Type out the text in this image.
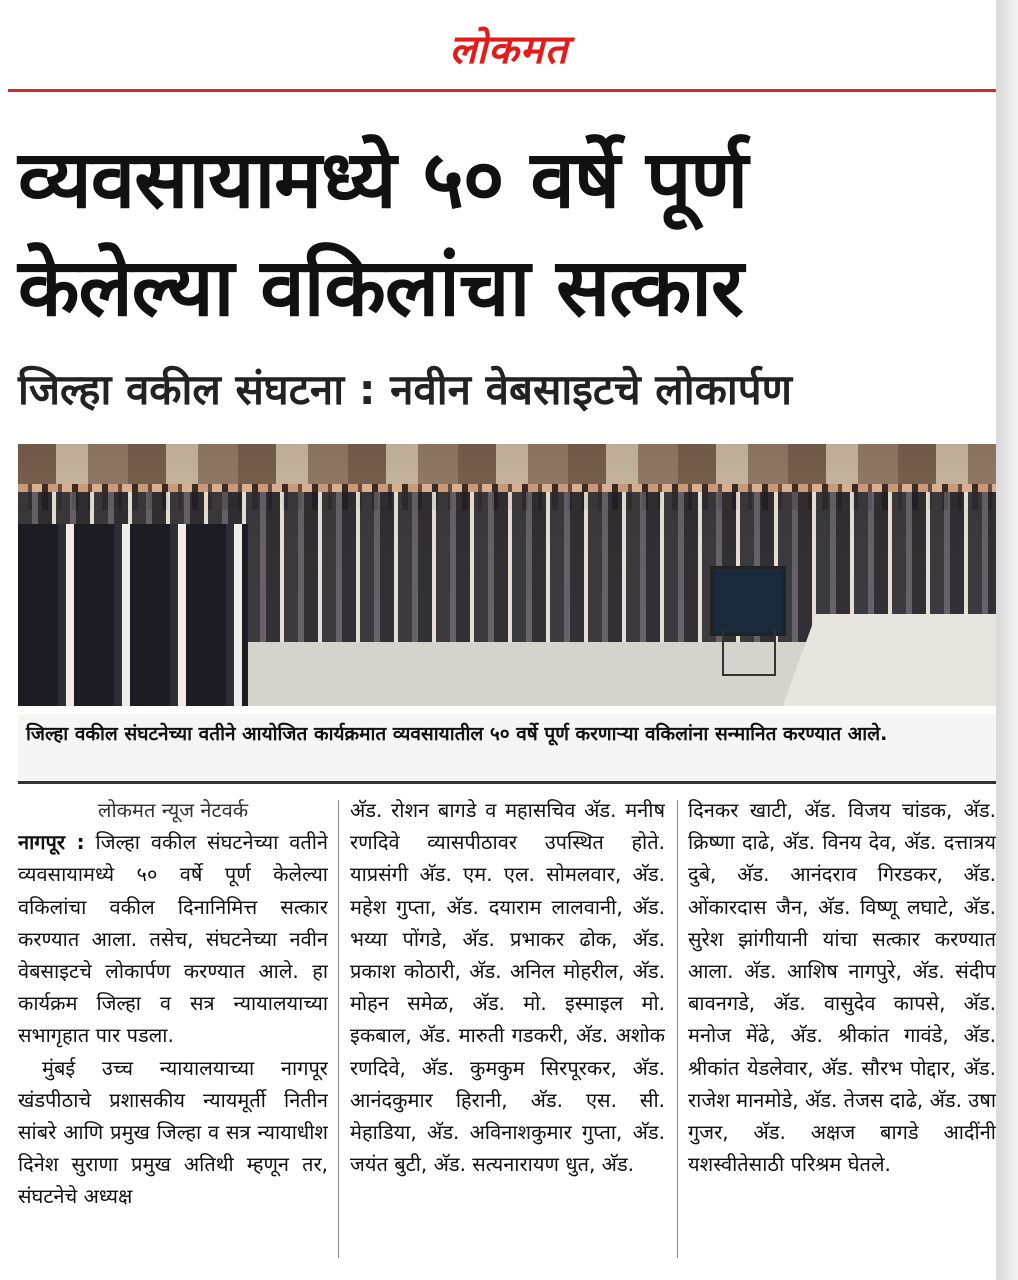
लोकमत
व्यवसायामध्ये ५० वर्षे पूर्ण
केलेल्या वकिलांचा सत्कार
जिल्हा वकील संघटना : नवीन वेबसाइटचे लोकार्पण

जिल्हा वकील संघटनेच्या वतीने आयोजित कार्यक्रमात व्यवसायातील ५० वर्षे पूर्ण करणाऱ्या वकिलांना सन्मानित करण्यात आले.

लोकमत न्यूज नेटवर्क
नागपूर : जिल्हा वकील संघटनेच्या वतीने व्यवसायामध्ये ५० वर्षे पूर्ण केलेल्या वकिलांचा वकील दिनानिमित्त सत्कार करण्यात आला. तसेच, संघटनेच्या नवीन वेबसाइटचे लोकार्पण करण्यात आले. हा कार्यक्रम जिल्हा व सत्र न्यायालयाच्या सभागृहात पार पडला.
मुंबई उच्च न्यायालयाच्या नागपूर खंडपीठाचे प्रशासकीय न्यायमूर्ती नितीन सांबरे आणि प्रमुख जिल्हा व सत्र न्यायाधीश दिनेश सुराणा प्रमुख अतिथी म्हणून तर, संघटनेचे अध्यक्ष
अ‍ॅड. रोशन बागडे व महासचिव अ‍ॅड. मनीष रणदिवे व्यासपीठावर उपस्थित होते. याप्रसंगी अ‍ॅड. एम. एल. सोमलवार, अ‍ॅड. महेश गुप्ता, अ‍ॅड. दयाराम लालवानी, अ‍ॅड. भय्या पोंगडे, अ‍ॅड. प्रभाकर ढोक, अ‍ॅड. प्रकाश कोठारी, अ‍ॅड. अनिल मोहरील, अ‍ॅड. मोहन समेळ, अ‍ॅड. मो. इस्माइल मो. इकबाल, अ‍ॅड. मारुती गडकरी, अ‍ॅड. अशोक रणदिवे, अ‍ॅड. कुमकुम सिरपूरकर, अ‍ॅड. आनंदकुमार हिरानी, अ‍ॅड. एस. सी. मेहाडिया, अ‍ॅड. अविनाशकुमार गुप्ता, अ‍ॅड. जयंत बुटी, अ‍ॅड. सत्यनारायण धुत, अ‍ॅड.
दिनकर खाटी, अ‍ॅड. विजय चांडक, अ‍ॅड. क्रिष्णा दाढे, अ‍ॅड. विनय देव, अ‍ॅड. दत्तात्रय दुबे, अ‍ॅड. आनंदराव गिरडकर, अ‍ॅड. ओंकारदास जैन, अ‍ॅड. विष्णू लघाटे, अ‍ॅड. सुरेश झांगीयानी यांचा सत्कार करण्यात आला. अ‍ॅड. आशिष नागपुरे, अ‍ॅड. संदीप बावनगडे, अ‍ॅड. वासुदेव कापसे, अ‍ॅड. मनोज मेंढे, अ‍ॅड. श्रीकांत गावंडे, अ‍ॅड. श्रीकांत येडलेवार, अ‍ॅड. सौरभ पोद्दार, अ‍ॅड. राजेश मानमोडे, अ‍ॅड. तेजस दाढे, अ‍ॅड. उषा गुजर, अ‍ॅड. अक्षज बागडे आदींनी यशस्वीतेसाठी परिश्रम घेतले.
